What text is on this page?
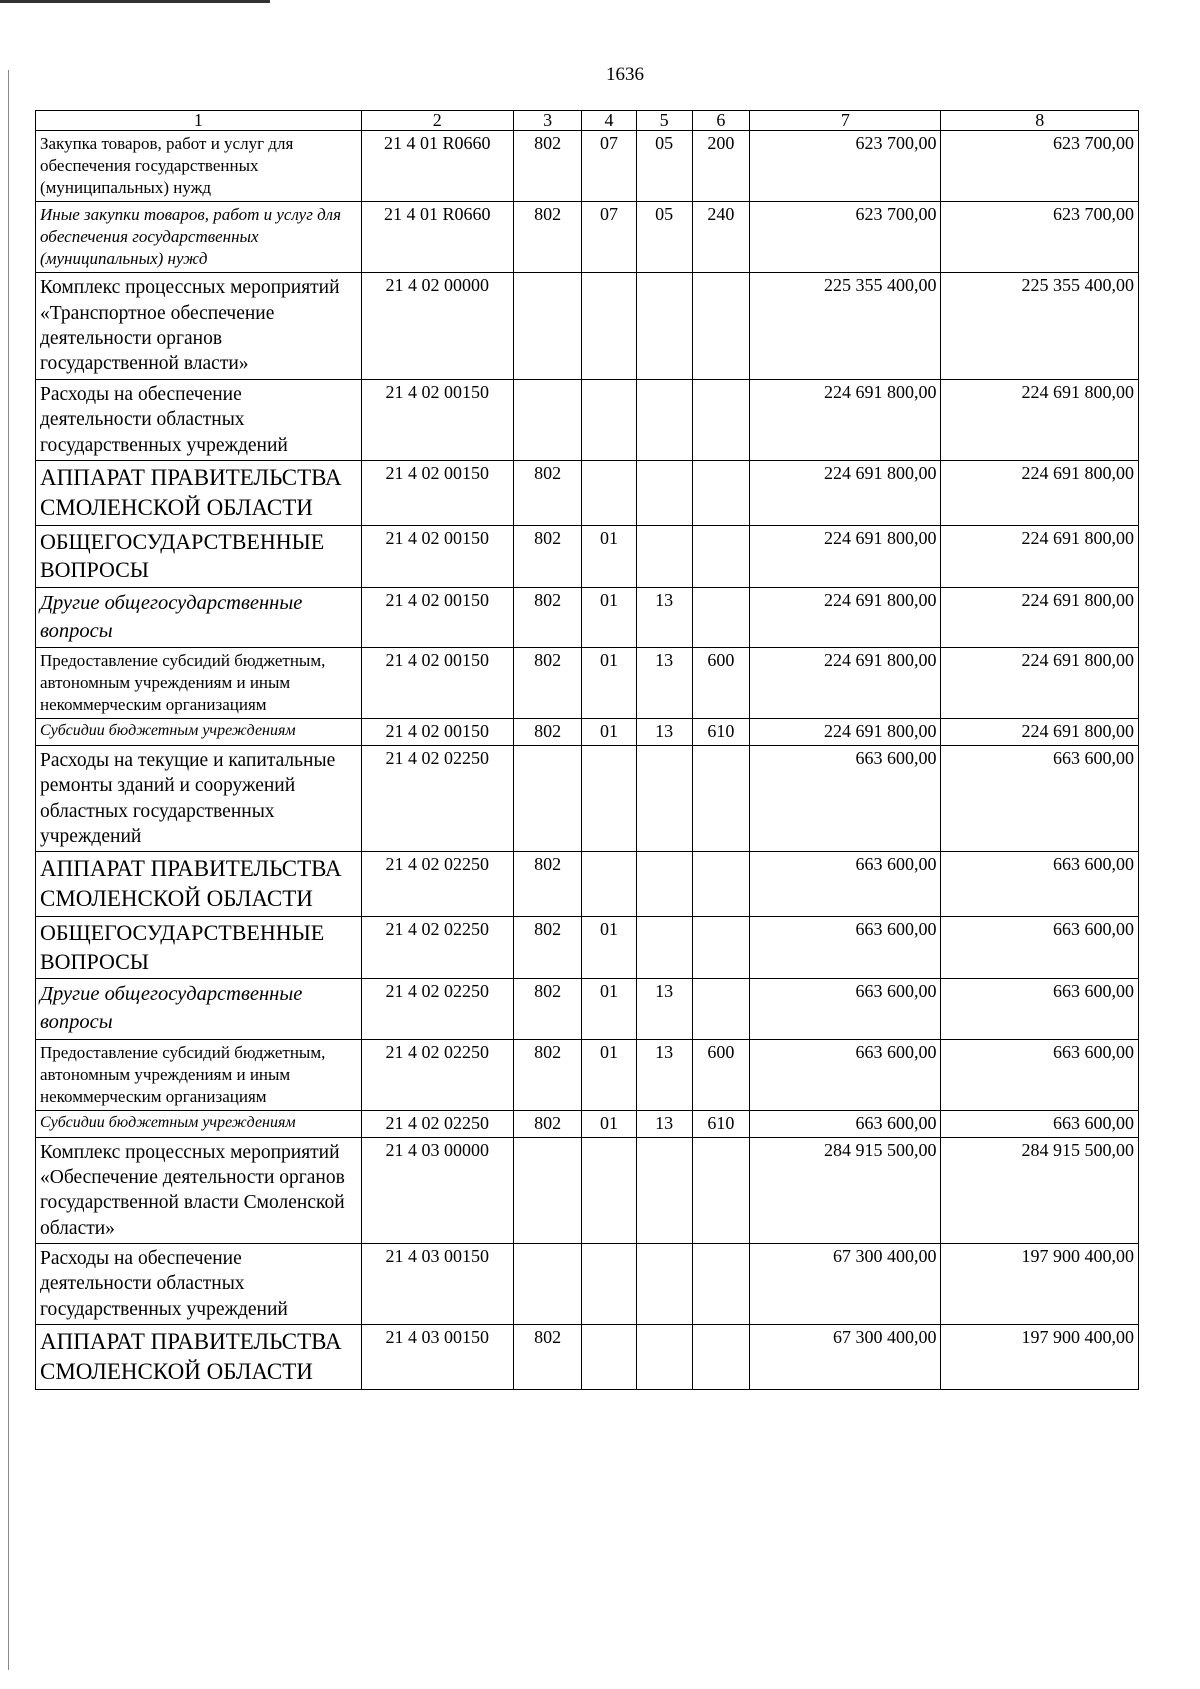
1636
1	2	3	4	5	6	7	8
Закупка товаров, работ и услуг для обеспечения государственных (муниципальных) нужд	21 4 01 R0660	802	07	05	200	623 700,00	623 700,00
Иные закупки товаров, работ и услуг для обеспечения государственных (муниципальных) нужд	21 4 01 R0660	802	07	05	240	623 700,00	623 700,00
Комплекс процессных мероприятий «Транспортное обеспечение деятельности органов государственной власти»	21 4 02 00000					225 355 400,00	225 355 400,00
Расходы на обеспечение деятельности областных государственных учреждений	21 4 02 00150					224 691 800,00	224 691 800,00
АППАРАТ ПРАВИТЕЛЬСТВА СМОЛЕНСКОЙ ОБЛАСТИ	21 4 02 00150	802				224 691 800,00	224 691 800,00
ОБЩЕГОСУДАРСТВЕННЫЕ ВОПРОСЫ	21 4 02 00150	802	01			224 691 800,00	224 691 800,00
Другие общегосударственные вопросы	21 4 02 00150	802	01	13		224 691 800,00	224 691 800,00
Предоставление субсидий бюджетным, автономным учреждениям и иным некоммерческим организациям	21 4 02 00150	802	01	13	600	224 691 800,00	224 691 800,00
Субсидии бюджетным учреждениям	21 4 02 00150	802	01	13	610	224 691 800,00	224 691 800,00
Расходы на текущие и капитальные ремонты зданий и сооружений областных государственных учреждений	21 4 02 02250					663 600,00	663 600,00
АППАРАТ ПРАВИТЕЛЬСТВА СМОЛЕНСКОЙ ОБЛАСТИ	21 4 02 02250	802				663 600,00	663 600,00
ОБЩЕГОСУДАРСТВЕННЫЕ ВОПРОСЫ	21 4 02 02250	802	01			663 600,00	663 600,00
Другие общегосударственные вопросы	21 4 02 02250	802	01	13		663 600,00	663 600,00
Предоставление субсидий бюджетным, автономным учреждениям и иным некоммерческим организациям	21 4 02 02250	802	01	13	600	663 600,00	663 600,00
Субсидии бюджетным учреждениям	21 4 02 02250	802	01	13	610	663 600,00	663 600,00
Комплекс процессных мероприятий «Обеспечение деятельности органов государственной власти Смоленской области»	21 4 03 00000					284 915 500,00	284 915 500,00
Расходы на обеспечение деятельности областных государственных учреждений	21 4 03 00150					67 300 400,00	197 900 400,00
АППАРАТ ПРАВИТЕЛЬСТВА СМОЛЕНСКОЙ ОБЛАСТИ	21 4 03 00150	802				67 300 400,00	197 900 400,00
